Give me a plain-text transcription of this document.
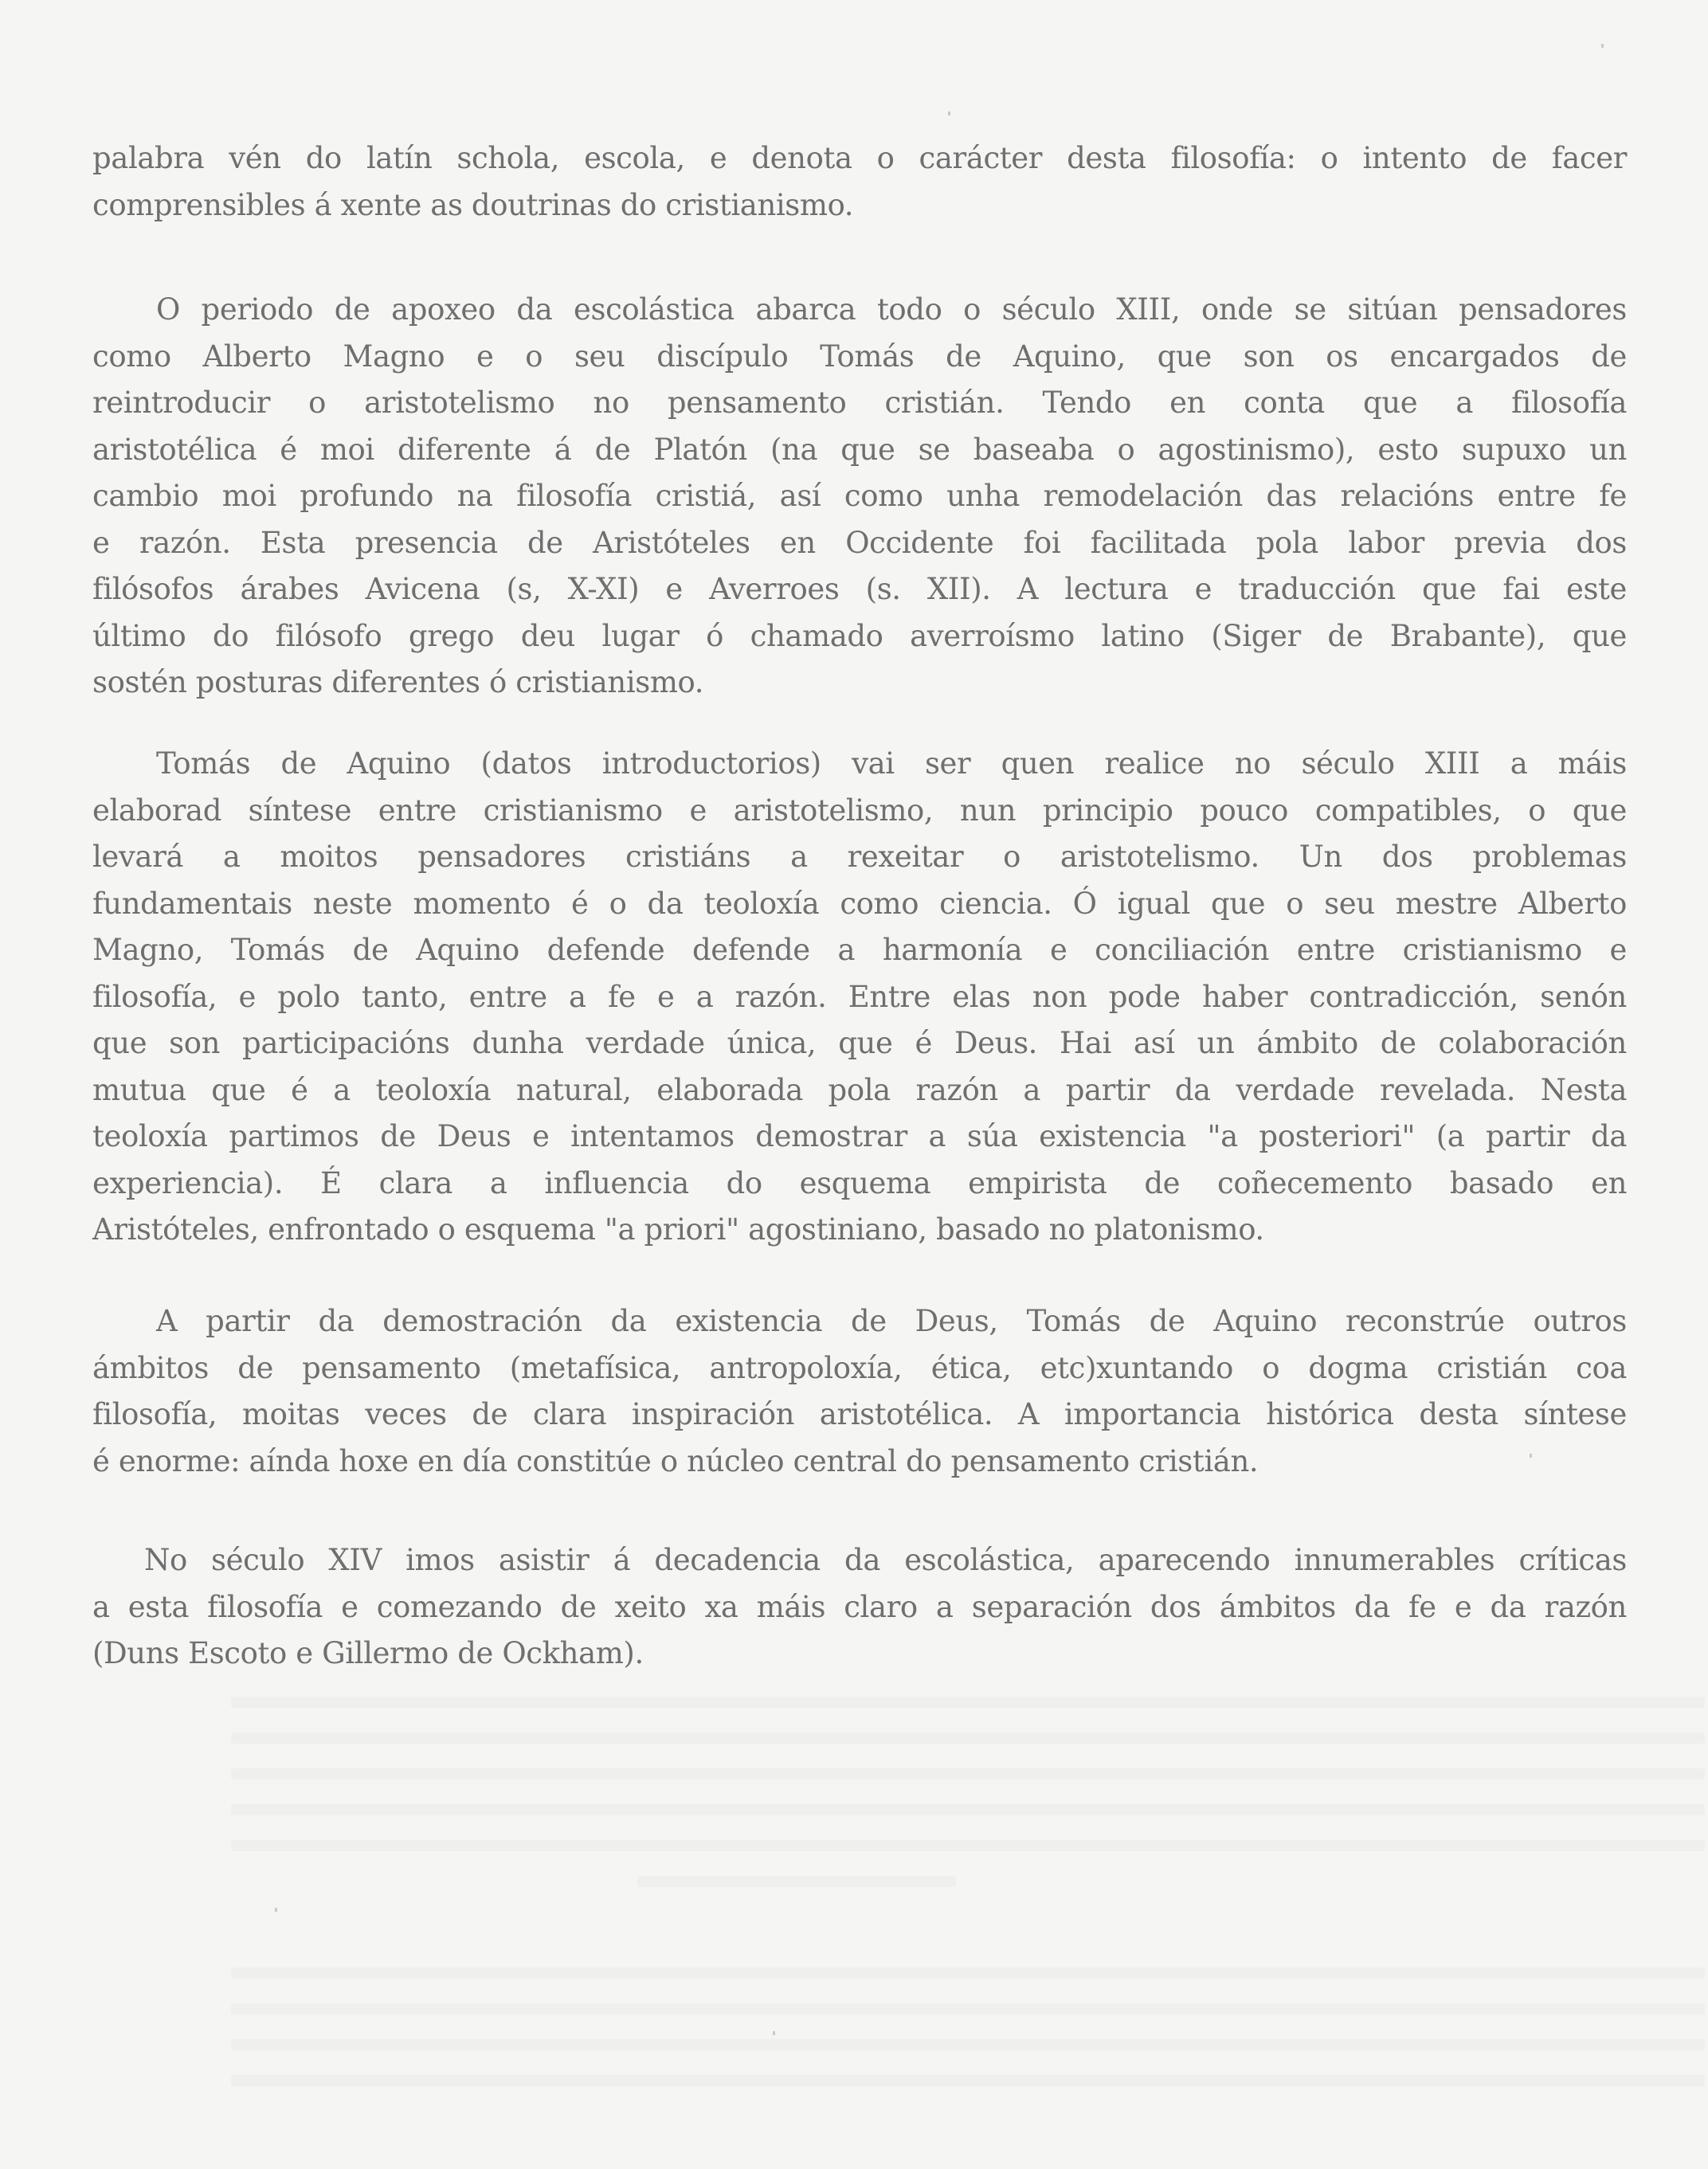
palabra vén do latín schola, escola, e denota o carácter desta filosofía: o intento de facer
comprensibles á xente as doutrinas do cristianismo.
O periodo de apoxeo da escolástica abarca todo o século XIII, onde se sitúan pensadores
como Alberto Magno e o seu discípulo Tomás de Aquino, que son os encargados de
reintroducir o aristotelismo no pensamento cristián. Tendo en conta que a filosofía
aristotélica é moi diferente á de Platón (na que se baseaba o agostinismo), esto supuxo un
cambio moi profundo na filosofía cristiá, así como unha remodelación das relacións entre fe
e razón. Esta presencia de Aristóteles en Occidente foi facilitada pola labor previa dos
filósofos árabes Avicena (s, X-XI) e Averroes (s. XII). A lectura e traducción que fai este
último do filósofo grego deu lugar ó chamado averroísmo latino (Siger de Brabante), que
sostén posturas diferentes ó cristianismo.
Tomás de Aquino (datos introductorios) vai ser quen realice no século XIII a máis
elaborad síntese entre cristianismo e aristotelismo, nun principio pouco compatibles, o que
levará a moitos pensadores cristiáns a rexeitar o aristotelismo. Un dos problemas
fundamentais neste momento é o da teoloxía como ciencia. Ó igual que o seu mestre Alberto
Magno, Tomás de Aquino defende defende a harmonía e conciliación entre cristianismo e
filosofía, e polo tanto, entre a fe e a razón. Entre elas non pode haber contradicción, senón
que son participacións dunha verdade única, que é Deus. Hai así un ámbito de colaboración
mutua que é a teoloxía natural, elaborada pola razón a partir da verdade revelada. Nesta
teoloxía partimos de Deus e intentamos demostrar a súa existencia "a posteriori" (a partir da
experiencia). É clara a influencia do esquema empirista de coñecemento basado en
Aristóteles, enfrontado o esquema "a priori" agostiniano, basado no platonismo.
A partir da demostración da existencia de Deus, Tomás de Aquino reconstrúe outros
ámbitos de pensamento (metafísica, antropoloxía, ética, etc)xuntando o dogma cristián coa
filosofía, moitas veces de clara inspiración aristotélica. A importancia histórica desta síntese
é enorme: aínda hoxe en día constitúe o núcleo central do pensamento cristián.
No século XIV imos asistir á decadencia da escolástica, aparecendo innumerables críticas
a esta filosofía e comezando de xeito xa máis claro a separación dos ámbitos da fe e da razón
(Duns Escoto e Gillermo de Ockham).
